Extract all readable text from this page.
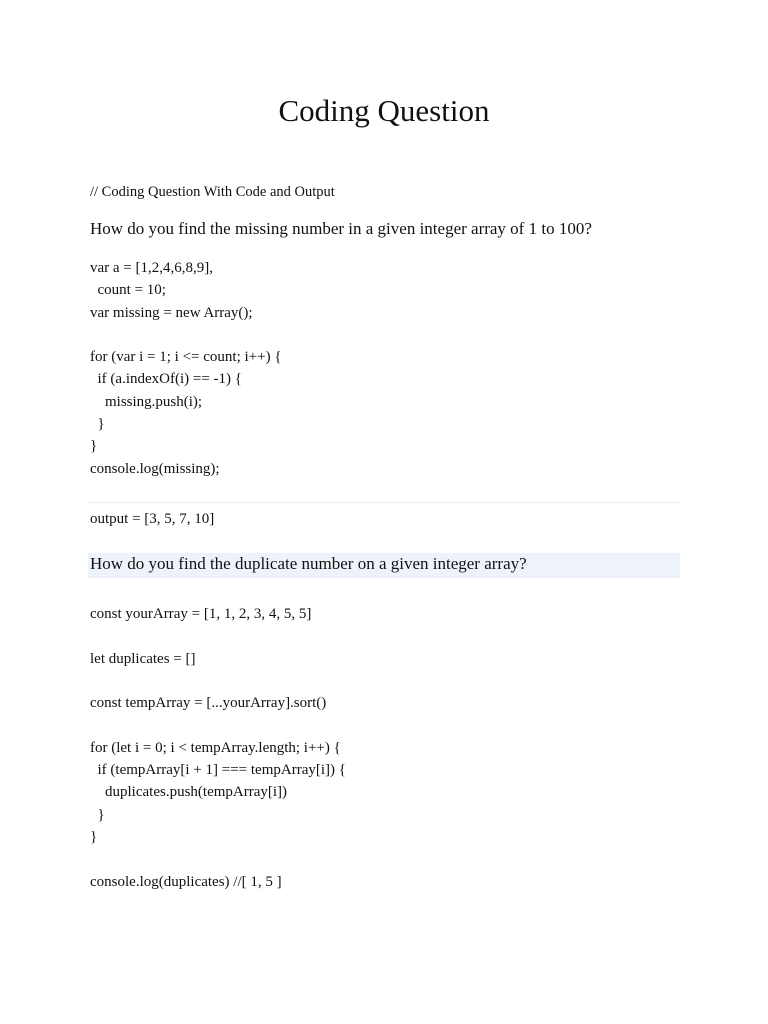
Coding Question
// Coding Question With Code and Output
How do you find the missing number in a given integer array of 1 to 100?
var a = [1,2,4,6,8,9],
count = 10;
var missing = new Array();

for (var i = 1; i <= count; i++) {
if (a.indexOf(i) == -1) {
missing.push(i);
}
}
console.log(missing);
output = [3, 5, 7, 10]
How do you find the duplicate number on a given integer array?
const yourArray = [1, 1, 2, 3, 4, 5, 5]

let duplicates = []

const tempArray = [...yourArray].sort()

for (let i = 0; i < tempArray.length; i++) {
if (tempArray[i + 1] === tempArray[i]) {
duplicates.push(tempArray[i])
}
}

console.log(duplicates) //[ 1, 5 ]
